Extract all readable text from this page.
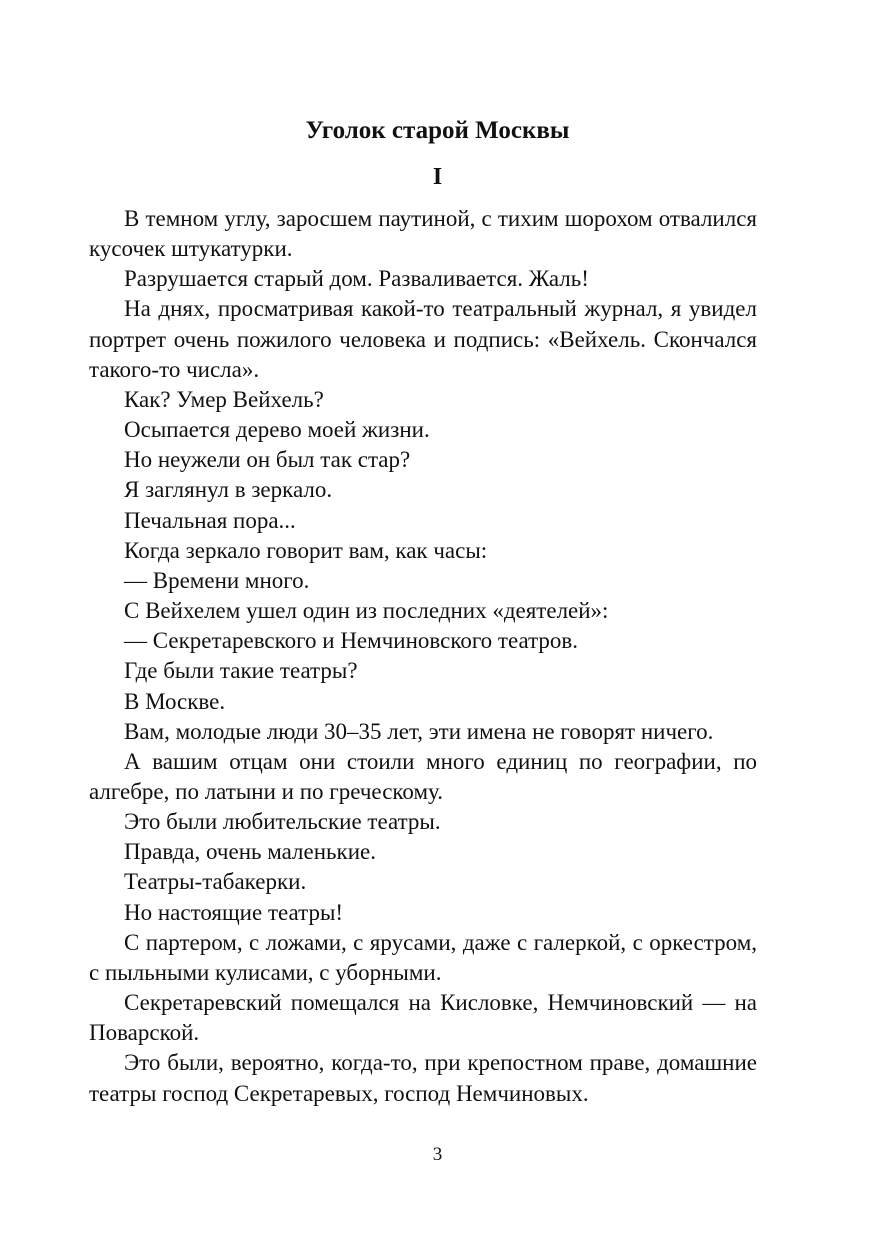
Уголок старой Москвы
I

В темном углу, заросшем паутиной, с тихим шорохом отвалился кусочек штукатурки.

Разрушается старый дом. Разваливается. Жаль!

На днях, просматривая какой-то театральный журнал, я увидел портрет очень пожилого человека и подпись: «Вейхель. Скончался такого-то числа».

Как? Умер Вейхель?

Осыпается дерево моей жизни.

Но неужели он был так стар?

Я заглянул в зеркало.

Печальная пора...

Когда зеркало говорит вам, как часы:

— Времени много.

С Вейхелем ушел один из последних «деятелей»:

— Секретаревского и Немчиновского театров.

Где были такие театры?

В Москве.

Вам, молодые люди 30–35 лет, эти имена не говорят ничего.

А вашим отцам они стоили много единиц по географии, по алгебре, по латыни и по греческому.

Это были любительские театры.

Правда, очень маленькие.

Театры-табакерки.

Но настоящие театры!

С партером, с ложами, с ярусами, даже с галеркой, с оркестром, с пыльными кулисами, с уборными.

Секретаревский помещался на Кисловке, Немчиновский — на Поварской.

Это были, вероятно, когда-то, при крепостном праве, домашние театры господ Секретаревых, господ Немчиновых.

3
